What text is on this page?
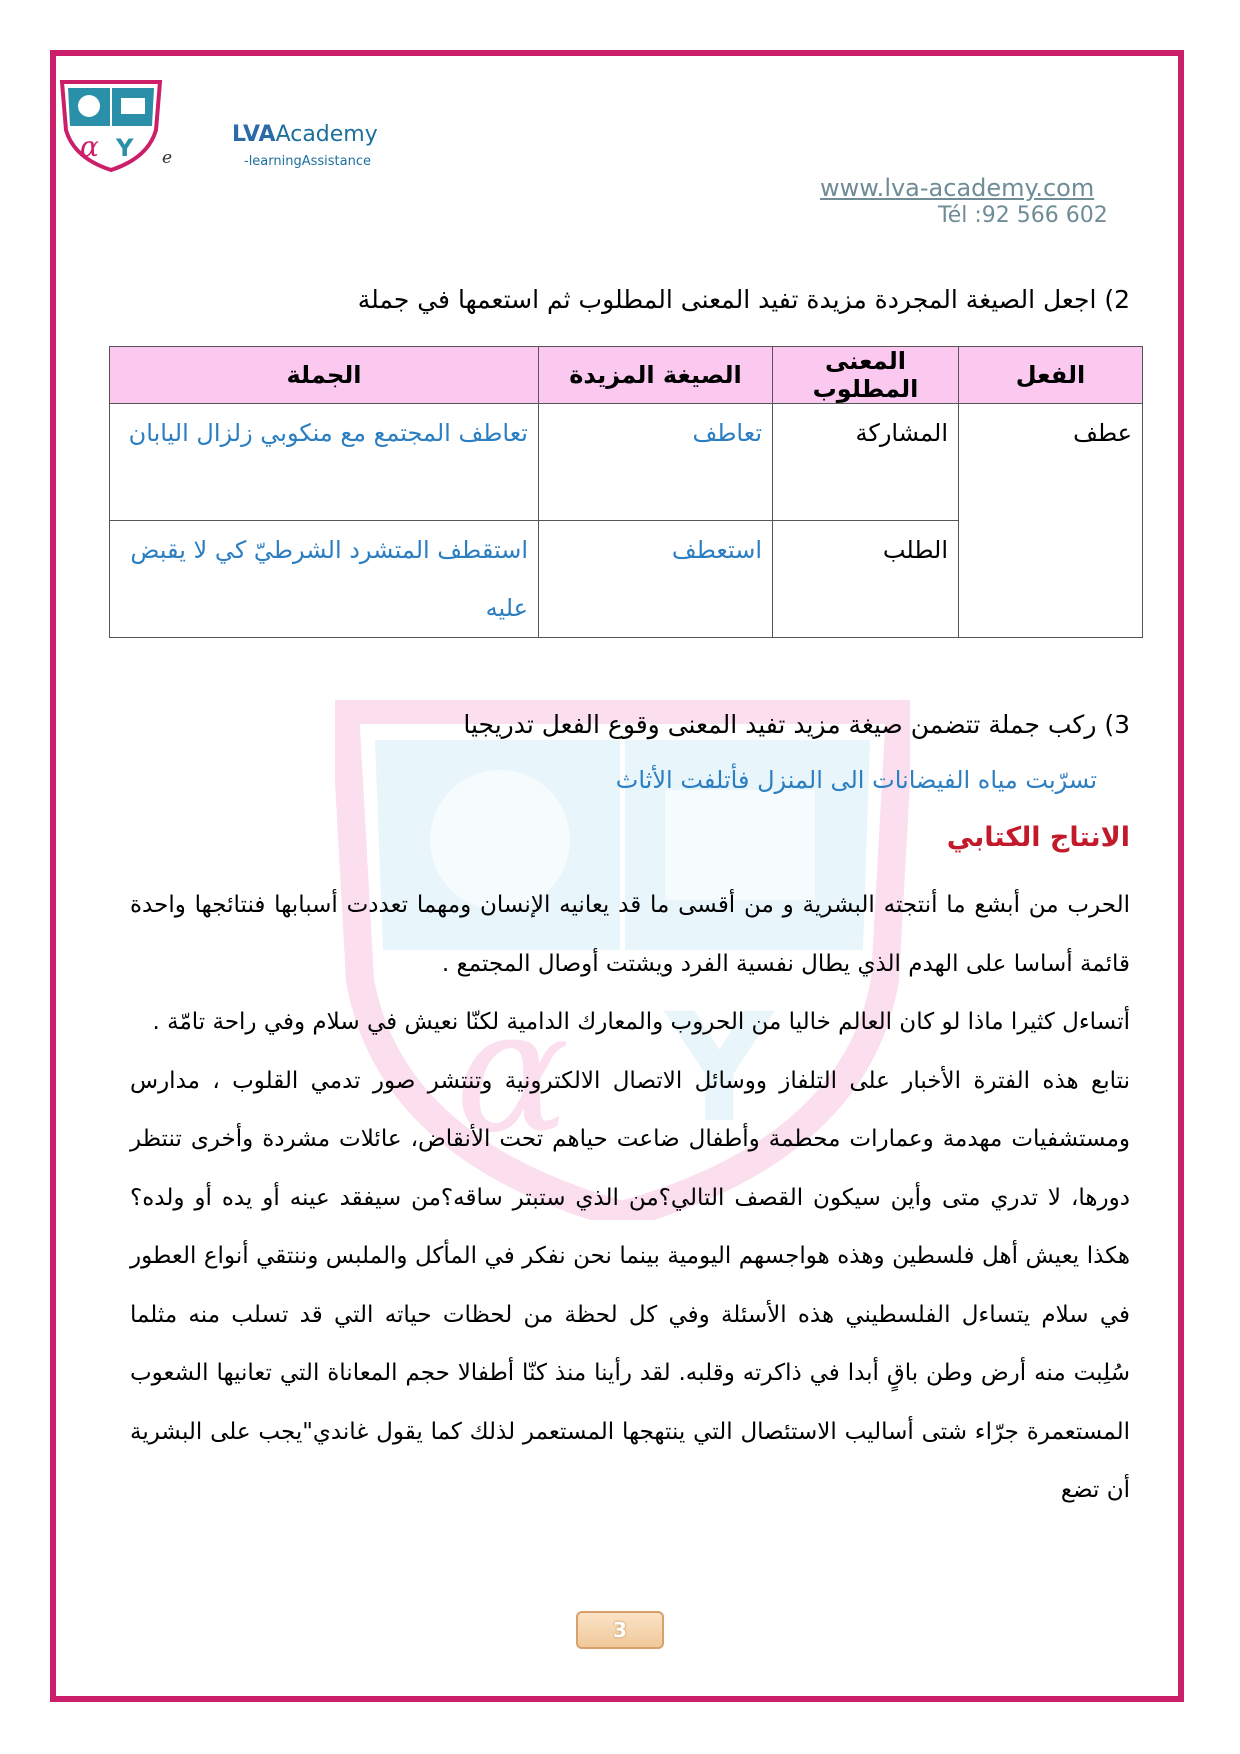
α Y e
LVAAcademy
-learningAssistance
www.lva-academy.com
Tél :92 566 602
α Y
2) اجعل الصيغة المجردة مزيدة تفيد المعنى المطلوب ثم استعمها في جملة
الفعل	المعنى المطلوب	الصيغة المزيدة	الجملة
عطف	المشاركة	تعاطف	تعاطف المجتمع مع منكوبي زلزال اليابان
	الطلب	استعطف	استقطف المتشرد الشرطيّ كي لا يقبض عليه
3) ركب جملة تتضمن صيغة مزيد تفيد المعنى وقوع الفعل تدريجيا
تسرّبت مياه الفيضانات الى المنزل فأتلفت الأثاث
الانتاج الكتابي

الحرب من أبشع ما أنتجته البشرية و من أقسى ما قد يعانيه الإنسان ومهما تعددت أسبابها فنتائجها واحدة قائمة أساسا على الهدم الذي يطال نفسية الفرد ويشتت أوصال المجتمع .

أتساءل كثيرا ماذا لو كان العالم خاليا من الحروب والمعارك الدامية لكنّا نعيش في سلام وفي راحة تامّة .

نتابع هذه الفترة الأخبار على التلفاز ووسائل الاتصال الالكترونية وتنتشر صور تدمي القلوب ، مدارس ومستشفيات مهدمة وعمارات محطمة وأطفال ضاعت حياهم تحت الأنقاض، عائلات مشردة وأخرى تنتظر دورها، لا تدري متى وأين سيكون القصف التالي؟من الذي ستبتر ساقه؟من سيفقد عينه أو يده أو ولده؟ هكذا يعيش أهل فلسطين وهذه هواجسهم اليومية بينما نحن نفكر في المأكل والملبس وننتقي أنواع العطور في سلام يتساءل الفلسطيني هذه الأسئلة وفي كل لحظة من لحظات حياته التي قد تسلب منه مثلما سُلِبت منه أرض وطن باقٍ أبدا في ذاكرته وقلبه. لقد رأينا منذ كنّا أطفالا حجم المعاناة التي تعانيها الشعوب المستعمرة جرّاء شتى أساليب الاستئصال التي ينتهجها المستعمر لذلك كما يقول غاندي"يجب على البشرية أن تضع

3
